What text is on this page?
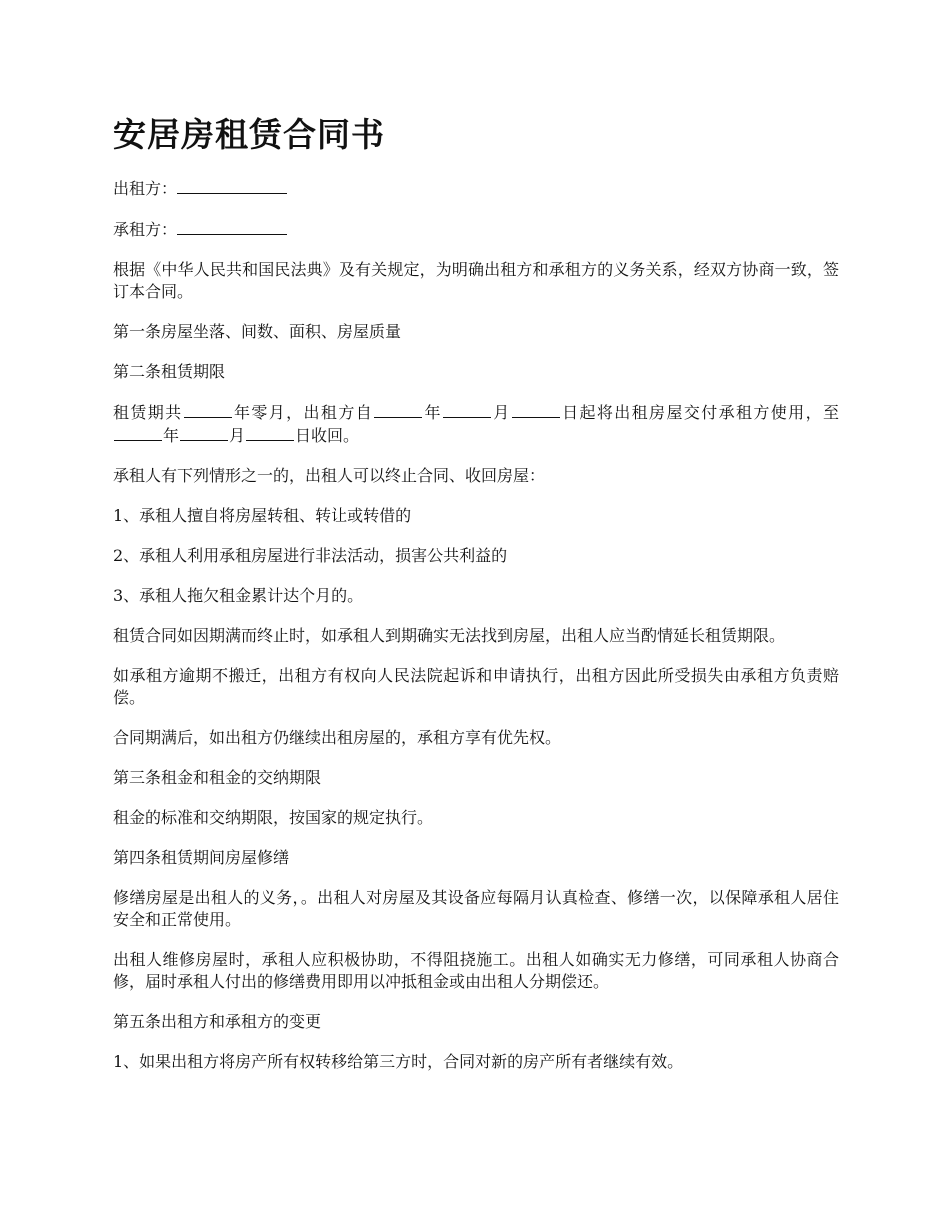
安居房租赁合同书

出租方：

承租方：

根据《中华人民共和国民法典》及有关规定，为明确出租方和承租方的义务关系，经双方协商一致，签订本合同。

第一条房屋坐落、间数、面积、房屋质量

第二条租赁期限

租赁期共	年零月，出租方自	年	月	日起将出租房屋交付承租方使用，至年	月	日收回。

承租人有下列情形之一的，出租人可以终止合同、收回房屋：

1、承租人擅自将房屋转租、转让或转借的

2、承租人利用承租房屋进行非法活动，损害公共利益的

3、承租人拖欠租金累计达个月的。

租赁合同如因期满而终止时，如承租人到期确实无法找到房屋，出租人应当酌情延长租赁期限。

如承租方逾期不搬迁，出租方有权向人民法院起诉和申请执行，出租方因此所受损失由承租方负责赔偿。

合同期满后，如出租方仍继续出租房屋的，承租方享有优先权。

第三条租金和租金的交纳期限

租金的标准和交纳期限，按国家的规定执行。

第四条租赁期间房屋修缮

修缮房屋是出租人的义务，。出租人对房屋及其设备应每隔月认真检查、修缮一次，以保障承租人居住安全和正常使用。

出租人维修房屋时，承租人应积极协助，不得阻挠施工。出租人如确实无力修缮，可同承租人协商合修，届时承租人付出的修缮费用即用以冲抵租金或由出租人分期偿还。

第五条出租方和承租方的变更

1、如果出租方将房产所有权转移给第三方时，合同对新的房产所有者继续有效。
